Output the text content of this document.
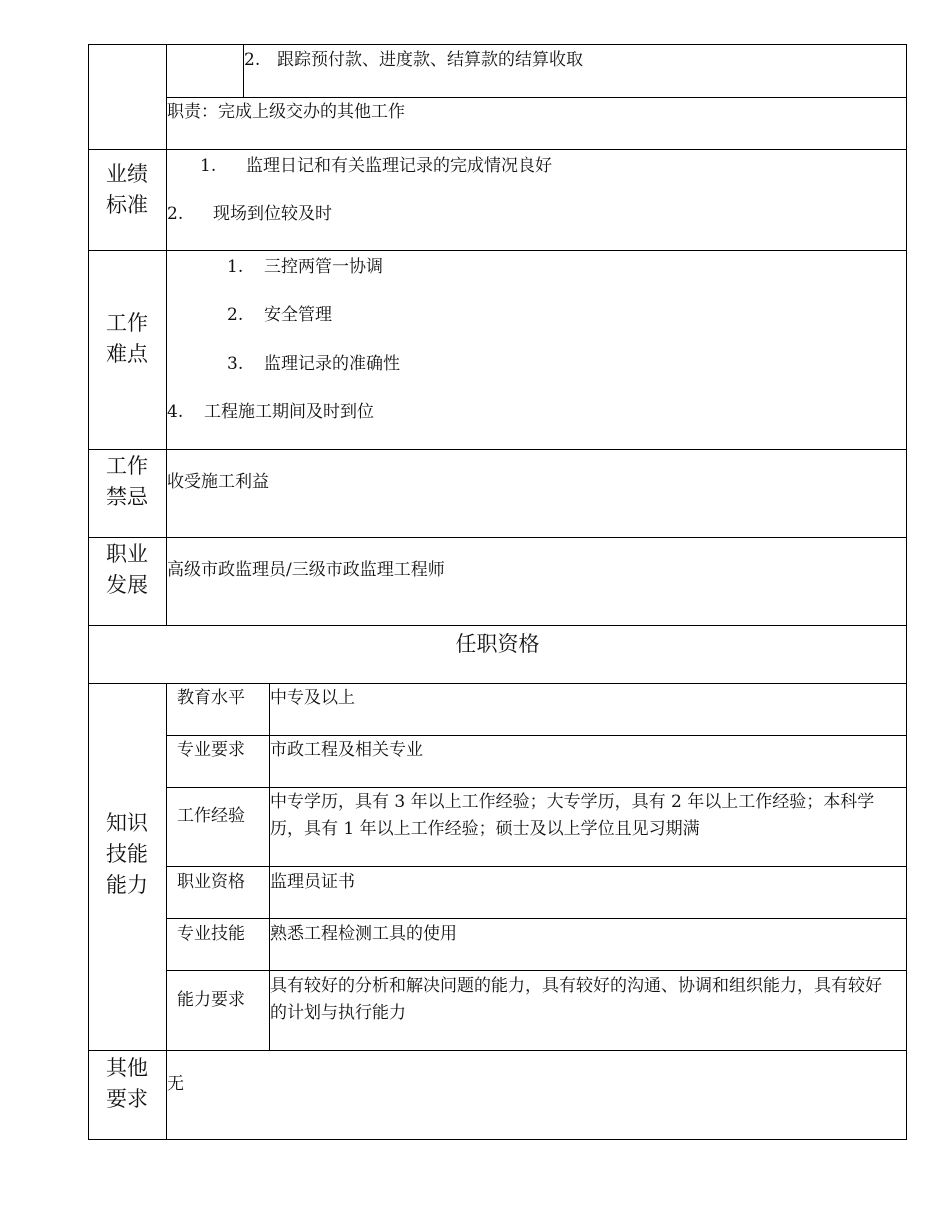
2. 跟踪预付款、进度款、结算款的结算收取
职责：完成上级交办的其他工作
业绩
标准
1. 监理日记和有关监理记录的完成情况良好
2. 现场到位较及时
工作
难点
1. 三控两管一协调
2. 安全管理
3. 监理记录的准确性
4. 工程施工期间及时到位
工作
禁忌
收受施工利益
职业
发展
高级市政监理员/三级市政监理工程师
任职资格
知识
技能
能力
教育水平 中专及以上
专业要求 市政工程及相关专业
工作经验
中专学历，具有 3 年以上工作经验；大专学历，具有 2 年以上工作经验；本科学历，具有 1 年以上工作经验；硕士及以上学位且见习期满
职业资格 监理员证书
专业技能 熟悉工程检测工具的使用
能力要求
具有较好的分析和解决问题的能力，具有较好的沟通、协调和组织能力，具有较好的计划与执行能力
其他
要求
无
